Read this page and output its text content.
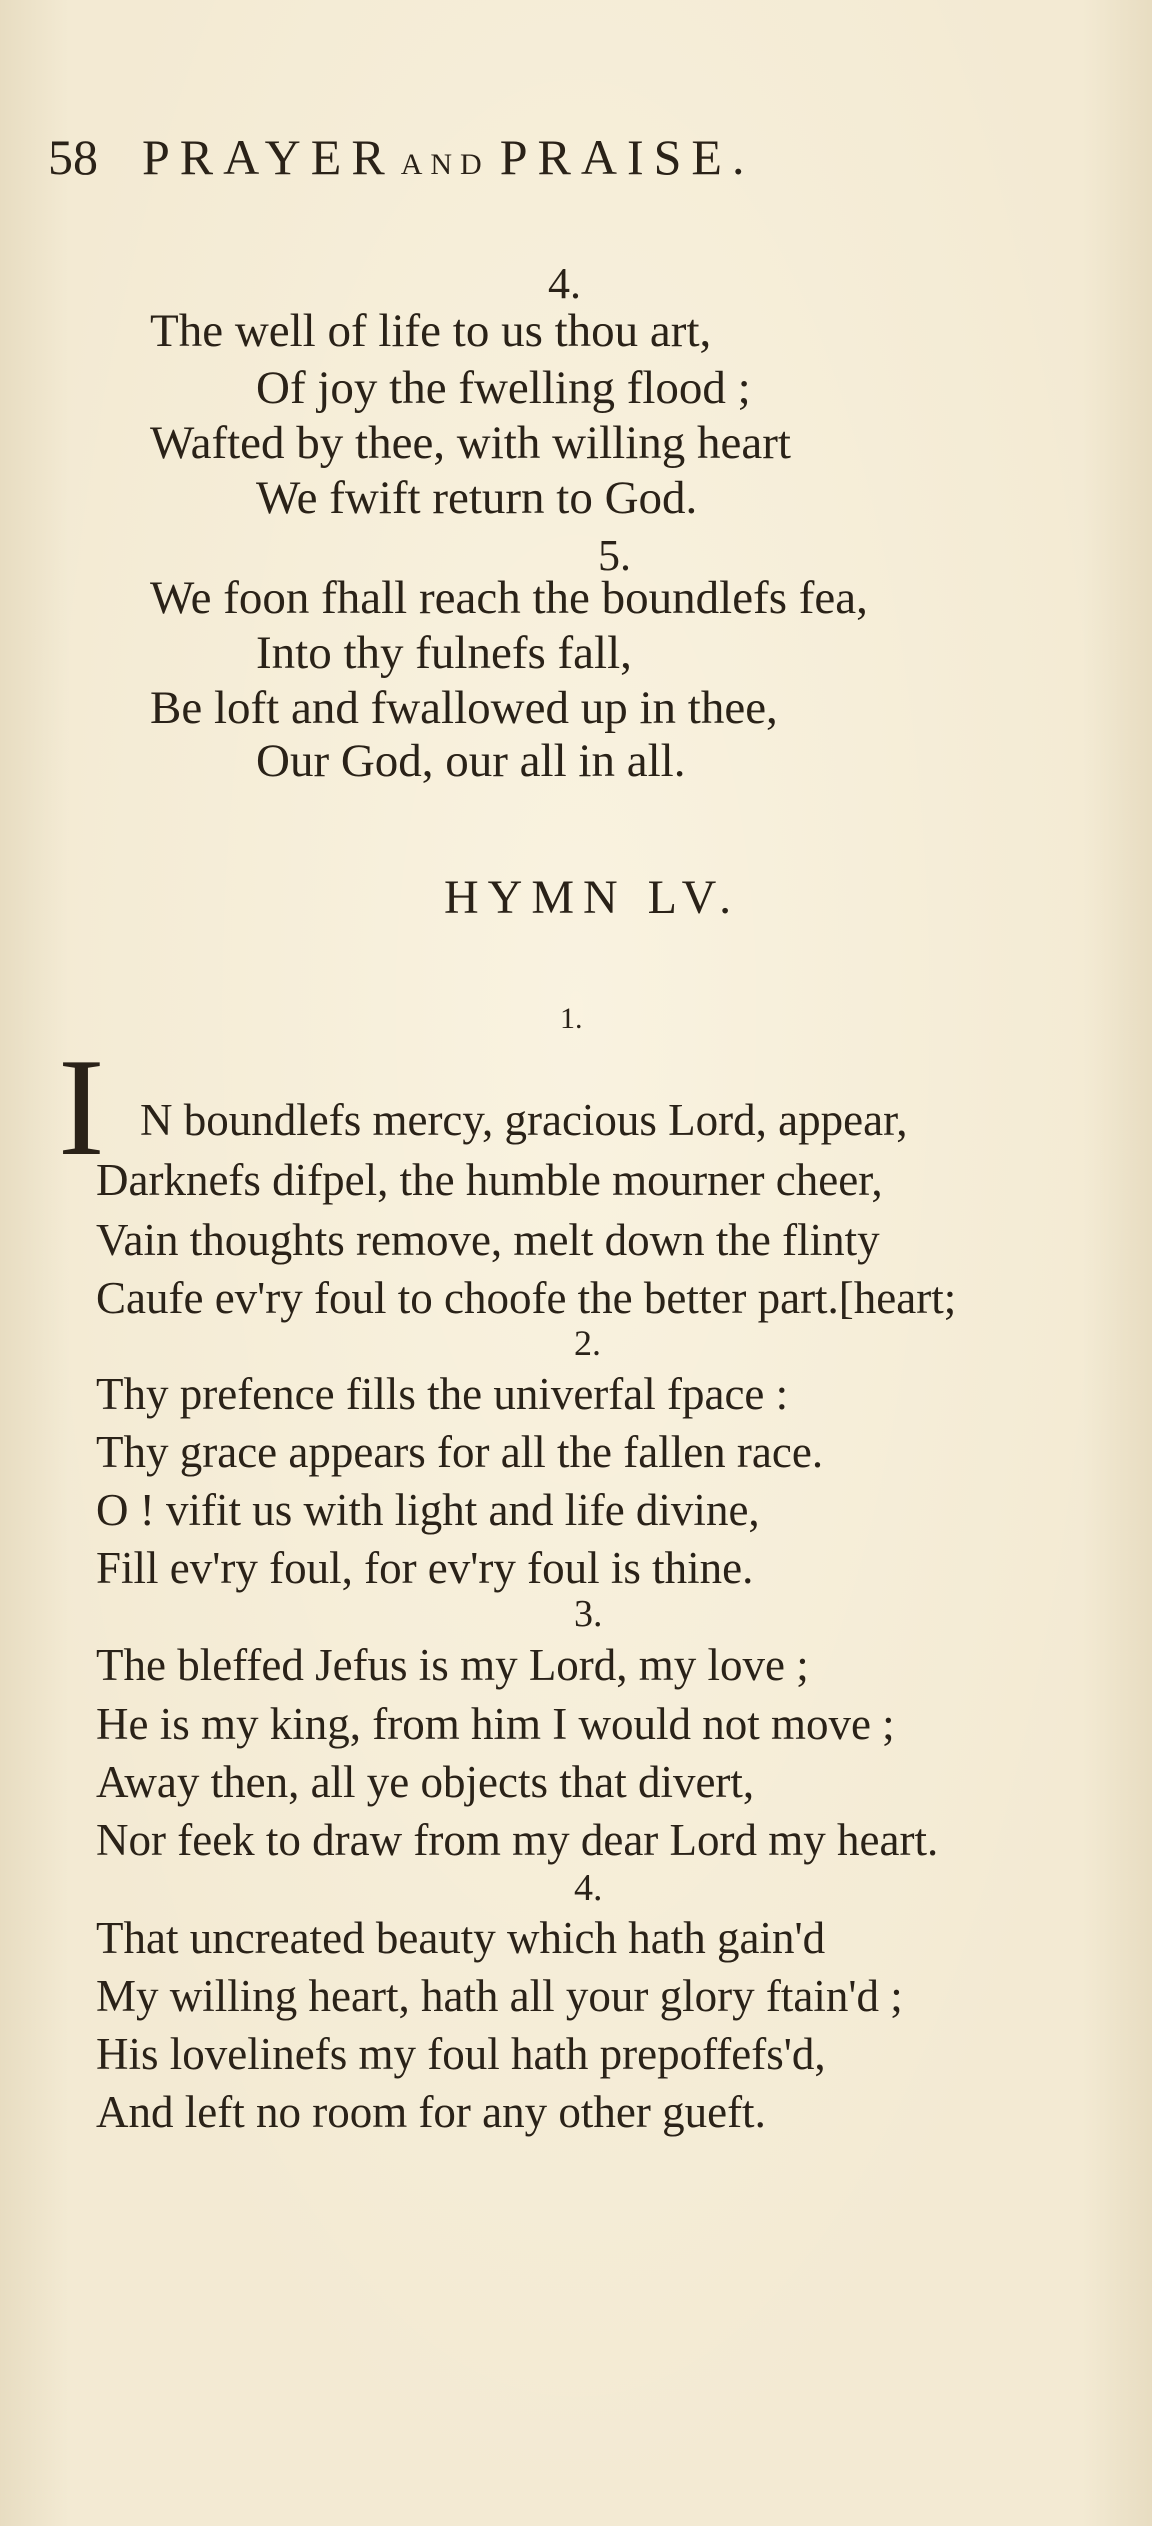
58 PRAYER AND PRAISE.
4.
The well of life to us thou art,
Of joy the fwelling flood ;
Wafted by thee, with willing heart
We fwift return to God.
5.
We foon fhall reach the boundlefs fea,
Into thy fulnefs fall,
Be loft and fwallowed up in thee,
Our God, our all in all.
HYMN LV.
1.
I N boundlefs mercy, gracious Lord, appear,
Darknefs difpel, the humble mourner cheer,
Vain thoughts remove, melt down the flinty
Caufe ev'ry foul to choofe the better part.[heart;
2.
Thy prefence fills the univerfal fpace :
Thy grace appears for all the fallen race.
O ! vifit us with light and life divine,
Fill ev'ry foul, for ev'ry foul is thine.
3.
The bleffed Jefus is my Lord, my love ;
He is my king, from him I would not move ;
Away then, all ye objects that divert,
Nor feek to draw from my dear Lord my heart.
4.
That uncreated beauty which hath gain'd
My willing heart, hath all your glory ftain'd ;
His lovelinefs my foul hath prepoffefs'd,
And left no room for any other gueft.
